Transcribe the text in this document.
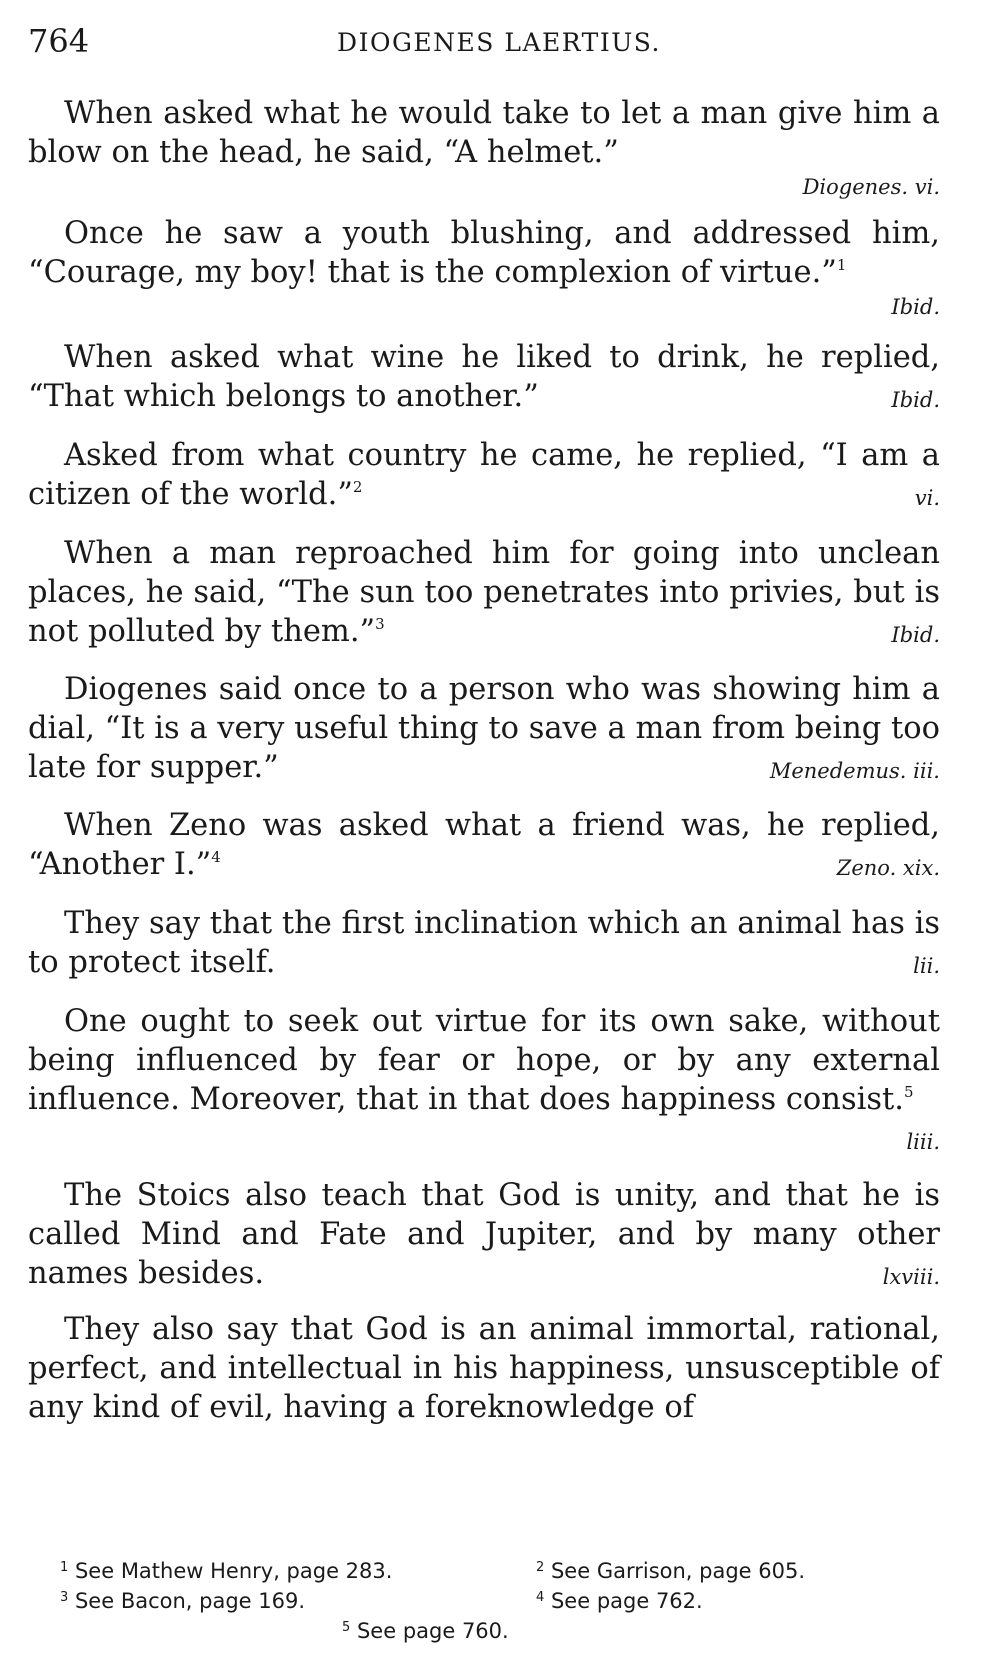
764	DIOGENES LAERTIUS.

When asked what he would take to let a man give him a blow on the head, he said, “A helmet.”

Diogenes. vi.

Once he saw a youth blushing, and addressed him, “Courage, my boy! that is the complexion of virtue.”$^1$

Ibid.

When asked what wine he liked to drink, he replied, “That which belongs to another.”	Ibid.

Asked from what country he came, he replied, “I am a citizen of the world.”$^2$	vi.

When a man reproached him for going into unclean places, he said, “The sun too penetrates into privies, but is not polluted by them.”$^3$	Ibid.

Diogenes said once to a person who was showing him a dial, “It is a very useful thing to save a man from being too late for supper.”	Menedemus. iii.

When Zeno was asked what a friend was, he replied, “Another I.”$^4$	Zeno. xix.

They say that the first inclination which an animal has is to protect itself.	lii.

One ought to seek out virtue for its own sake, without being influenced by fear or hope, or by any external influence. Moreover, that in that does happiness consist.$^5$
liii.

The Stoics also teach that God is unity, and that he is called Mind and Fate and Jupiter, and by many other names besides.	lxviii.

They also say that God is an animal immortal, rational, perfect, and intellectual in his happiness, unsusceptible of any kind of evil, having a foreknowledge of

$^1$ See Mathew Henry, page 283.	$^2$ See Garrison, page 605.
$^3$ See Bacon, page 169.	$^4$ See page 762.
$^5$ See page 760.
